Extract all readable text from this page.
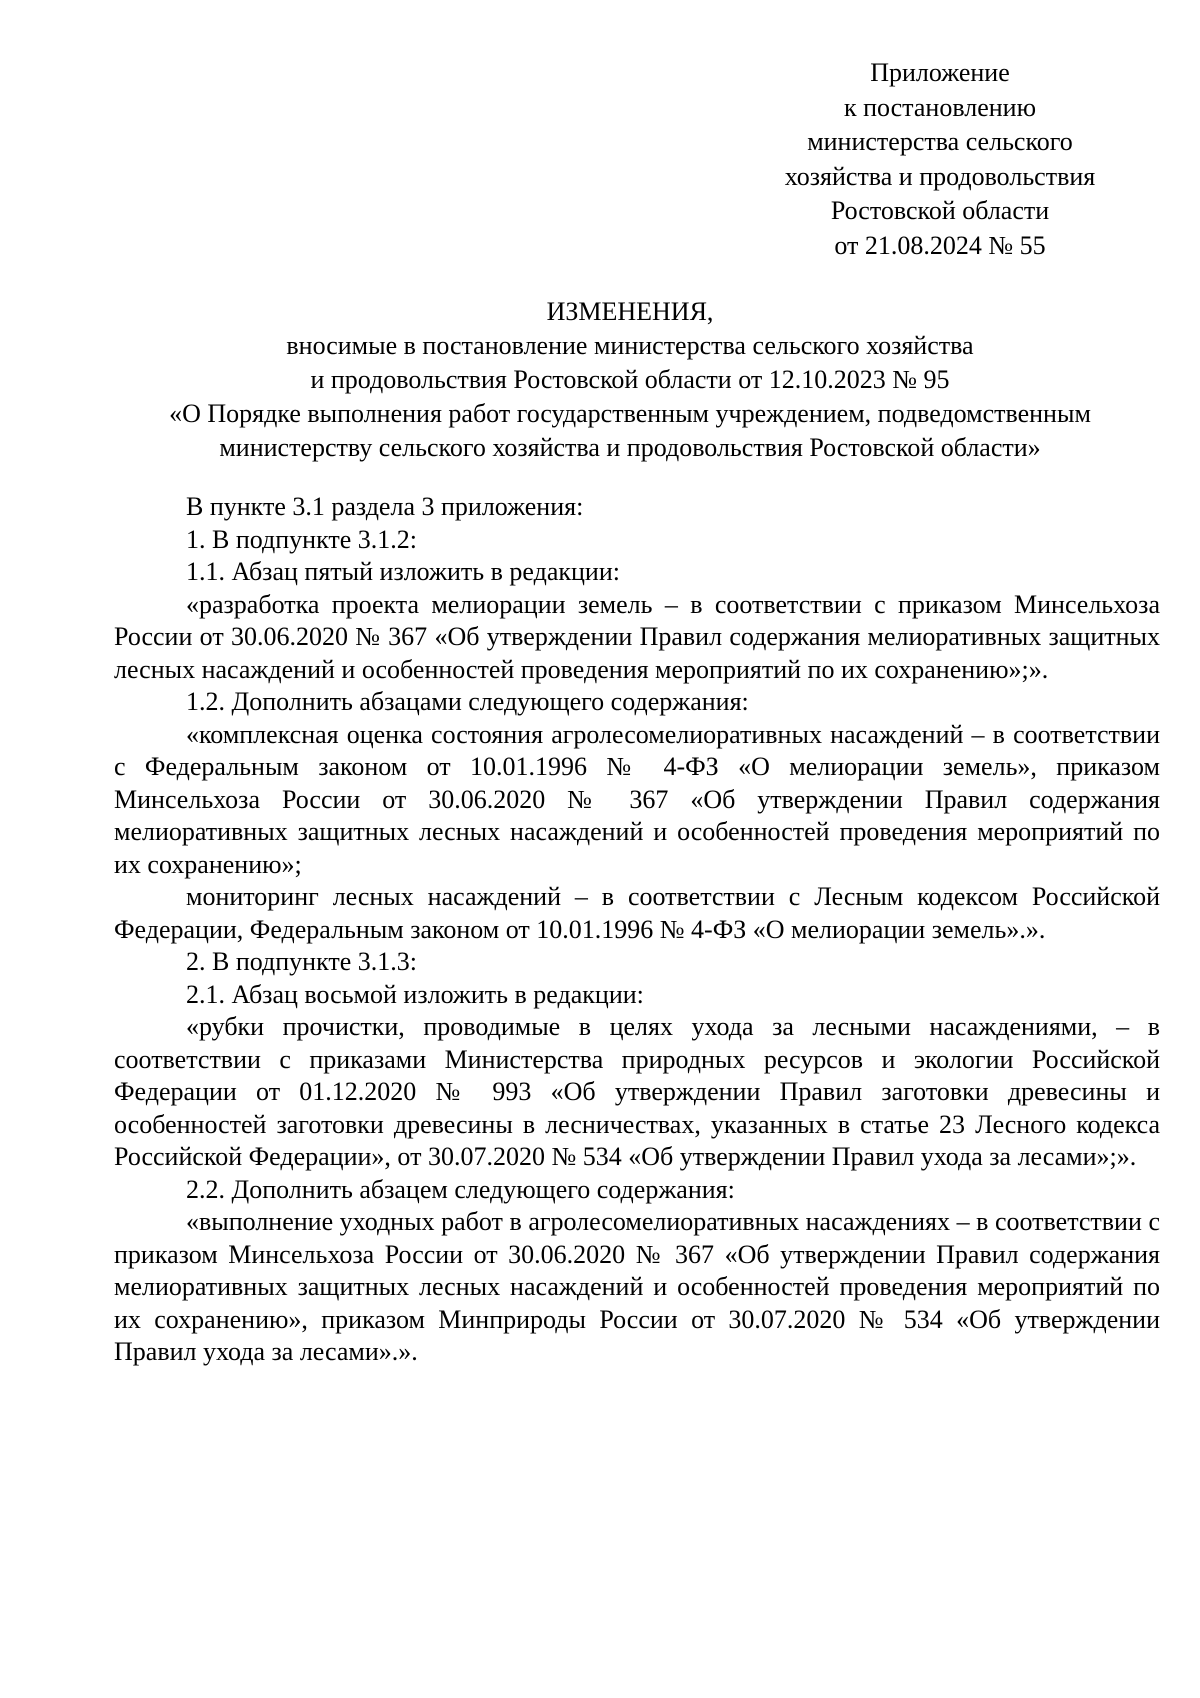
Приложение
к постановлению
министерства сельского
хозяйства и продовольствия
Ростовской области
от 21.08.2024 № 55
ИЗМЕНЕНИЯ,
вносимые в постановление министерства сельского хозяйства
и продовольствия Ростовской области от 12.10.2023 № 95
«О Порядке выполнения работ государственным учреждением, подведомственным
министерству сельского хозяйства и продовольствия Ростовской области»

В пункте 3.1 раздела 3 приложения:

1. В подпункте 3.1.2:

1.1. Абзац пятый изложить в редакции:

«разработка проекта мелиорации земель – в соответствии с приказом Минсельхоза России от 30.06.2020 № 367 «Об утверждении Правил содержания мелиоративных защитных лесных насаждений и особенностей проведения мероприятий по их сохранению»;».

1.2. Дополнить абзацами следующего содержания:

«комплексная оценка состояния агролесомелиоративных насаждений – в соответствии с Федеральным законом от 10.01.1996 № 4-ФЗ «О мелиорации земель», приказом Минсельхоза России от 30.06.2020 № 367 «Об утверждении Правил содержания мелиоративных защитных лесных насаждений и особенностей проведения мероприятий по их сохранению»;

мониторинг лесных насаждений – в соответствии с Лесным кодексом Российской Федерации, Федеральным законом от 10.01.1996 № 4-ФЗ «О мелиорации земель».».

2. В подпункте 3.1.3:

2.1. Абзац восьмой изложить в редакции:

«рубки прочистки, проводимые в целях ухода за лесными насаждениями, – в соответствии с приказами Министерства природных ресурсов и экологии Российской Федерации от 01.12.2020 № 993 «Об утверждении Правил заготовки древесины и особенностей заготовки древесины в лесничествах, указанных в статье 23 Лесного кодекса Российской Федерации», от 30.07.2020 № 534 «Об утверждении Правил ухода за лесами»;».

2.2. Дополнить абзацем следующего содержания:

«выполнение уходных работ в агролесомелиоративных насаждениях – в соответствии с приказом Минсельхоза России от 30.06.2020 № 367 «Об утверждении Правил содержания мелиоративных защитных лесных насаждений и особенностей проведения мероприятий по их сохранению», приказом Минприроды России от 30.07.2020 № 534 «Об утверждении Правил ухода за лесами».».
